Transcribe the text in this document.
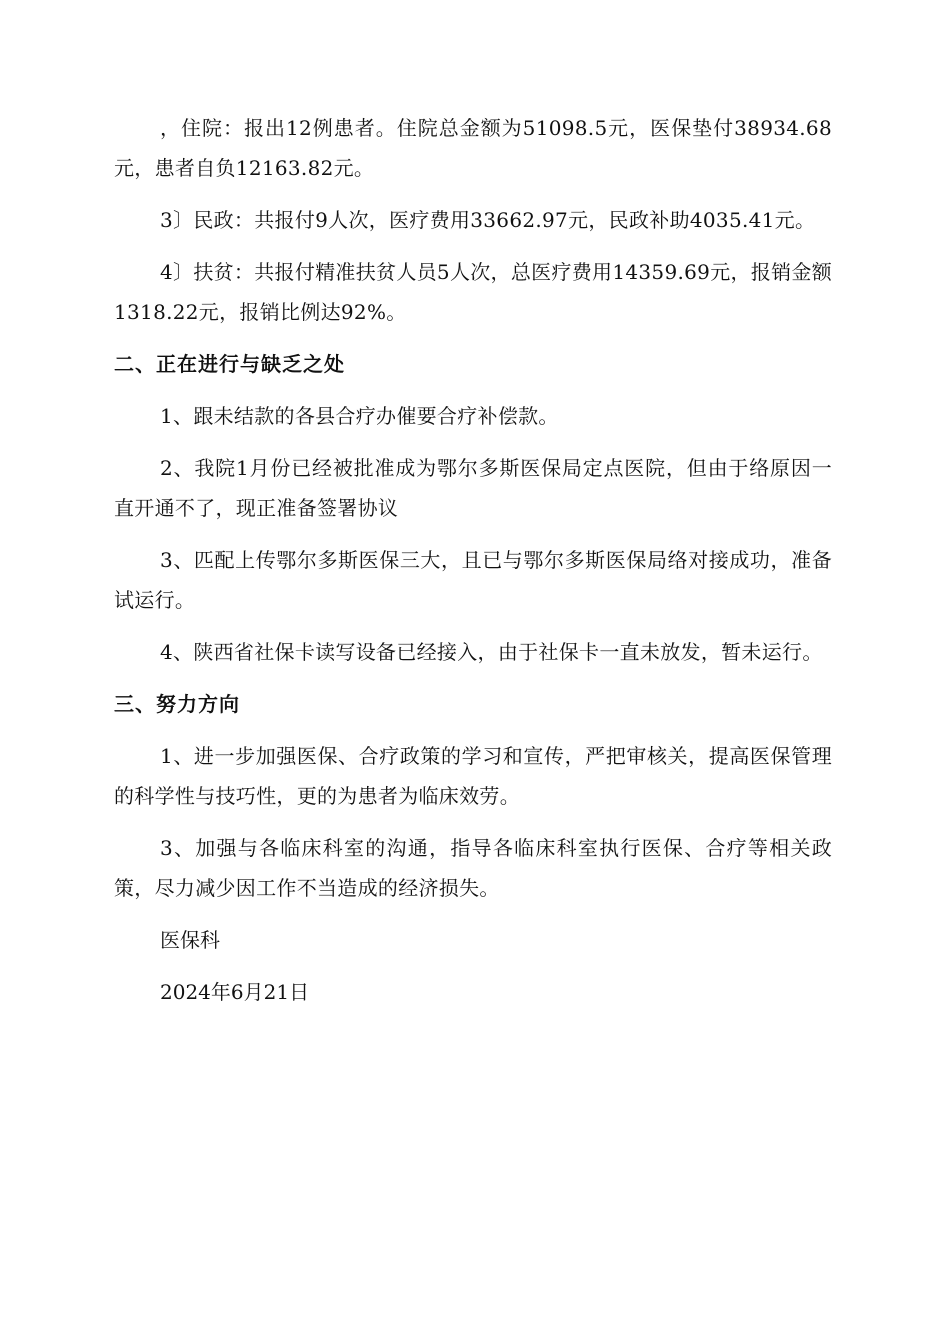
，住院：报出12例患者。住院总金额为51098.5元，医保垫付38934.68元，患者自负12163.82元。

3〕民政：共报付9人次，医疗费用33662.97元，民政补助4035.41元。

4〕扶贫：共报付精准扶贫人员5人次，总医疗费用14359.69元，报销金额1318.22元，报销比例达92%。

二、正在进行与缺乏之处

1、跟未结款的各县合疗办催要合疗补偿款。

2、我院1月份已经被批准成为鄂尔多斯医保局定点医院，但由于络原因一直开通不了，现正准备签署协议

3、匹配上传鄂尔多斯医保三大，且已与鄂尔多斯医保局络对接成功，准备试运行。

4、陕西省社保卡读写设备已经接入，由于社保卡一直未放发，暂未运行。

三、努力方向

1、进一步加强医保、合疗政策的学习和宣传，严把审核关，提高医保管理的科学性与技巧性，更的为患者为临床效劳。

3、加强与各临床科室的沟通，指导各临床科室执行医保、合疗等相关政策，尽力减少因工作不当造成的经济损失。

医保科

2024年6月21日
